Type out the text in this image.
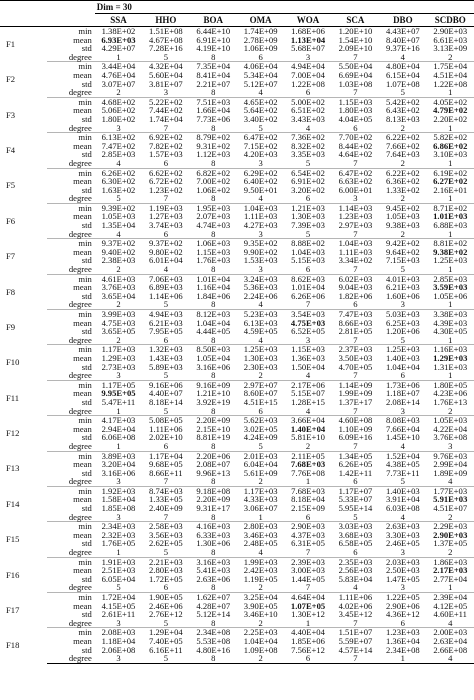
		Dim = 30							
		SSA	HHO	BOA	OMA	WOA	SCA	DBO	SCDBO
F1	min	1.38E+02	1.51E+08	6.44E+10	1.74E+09	1.68E+06	1.20E+10	4.43E+07	2.90E+03
	mean	6.93E+03	4.67E+08	6.91E+10	2.78E+09	1.13E+04	1.54E+10	8.40E+07	6.61E+03
	std	4.29E+07	7.28E+16	4.19E+10	1.06E+09	5.68E+07	2.09E+10	9.37E+16	3.13E+09
	degree	1	5	8	6	3	7	4	2
F2	min	3.44E+04	4.32E+04	7.35E+04	4.06E+04	4.94E+04	5.50E+04	4.80E+04	1.75E+04
	mean	4.76E+04	5.60E+04	8.41E+04	5.34E+04	7.00E+04	6.69E+04	6.15E+04	4.51E+04
	std	3.07E+07	3.81E+07	2.21E+07	5.12E+07	1.22E+08	1.03E+08	1.07E+08	1.22E+08
	degree	2	3	8	4	6	7	5	1
F3	min	4.68E+02	5.22E+02	7.51E+03	4.65E+02	5.00E+02	1.15E+03	5.42E+02	4.05E+02
	mean	5.06E+02	7.44E+02	1.66E+04	5.64E+02	6.51E+02	1.80E+03	6.43E+02	4.79E+02
	std	1.80E+02	1.74E+04	7.73E+06	3.40E+02	3.43E+03	4.04E+05	8.13E+03	2.20E+02
	degree	3	7	8	5	4	6	2	1
F4	min	6.13E+02	6.92E+02	8.79E+02	6.47E+02	7.36E+02	7.70E+02	6.22E+02	5.82E+02
	mean	7.47E+02	7.82E+02	9.31E+02	7.15E+02	8.32E+02	8.44E+02	7.66E+02	6.86E+02
	std	2.85E+03	1.57E+03	1.12E+03	4.20E+03	3.35E+03	4.64E+02	7.64E+03	3.10E+03
	degree	4	6	8	3	5	7	2	1
F5	min	6.26E+02	6.62E+02	6.82E+02	6.29E+02	6.54E+02	6.47E+02	6.22E+02	6.19E+02
	mean	6.30E+02	6.72E+02	7.00E+02	6.40E+02	6.91E+02	6.63E+02	6.36E+02	6.27E+02
	std	1.63E+02	1.23E+02	1.06E+02	9.50E+01	3.20E+02	6.00E+01	1.33E+02	2.16E+01
	degree	5	7	8	4	6	3	2	1
F6	min	9.39E+02	1.19E+03	1.95E+03	1.04E+03	1.21E+03	1.14E+03	9.45E+02	8.71E+02
	mean	1.05E+03	1.27E+03	2.07E+03	1.11E+03	1.30E+03	1.23E+03	1.05E+03	1.01E+03
	std	1.35E+04	3.74E+03	4.74E+03	4.27E+03	7.39E+03	2.97E+03	9.38E+03	6.88E+03
	degree	4	6	8	3	5	7	2	1
F7	min	9.37E+02	9.37E+02	1.06E+03	9.35E+02	8.88E+02	1.04E+03	9.42E+02	8.81E+02
	mean	9.40E+02	9.80E+02	1.15E+03	9.90E+02	1.04E+03	1.11E+03	9.64E+02	9.38E+02
	std	2.38E+03	6.01E+04	1.76E+03	1.53E+03	5.15E+03	3.34E+02	7.15E+03	1.25E+03
	degree	2	4	8	3	6	7	5	1
F8	min	4.61E+03	7.06E+03	1.01E+04	3.24E+03	8.62E+03	6.02E+03	4.01E+03	2.85E+03
	mean	3.76E+03	6.89E+03	1.16E+04	5.36E+03	1.01E+04	9.04E+03	6.21E+03	3.59E+03
	std	3.65E+04	1.14E+06	1.84E+06	2.24E+06	6.26E+06	1.82E+06	1.60E+06	1.05E+06
	degree	2	5	8	4	7	6	3	1
F9	min	3.99E+03	4.94E+03	8.12E+03	5.23E+03	3.54E+03	7.47E+03	5.03E+03	3.38E+03
	mean	4.75E+03	6.21E+03	1.04E+04	6.13E+03	4.75E+03	8.66E+03	6.25E+03	4.39E+03
	std	3.65E+05	7.95E+05	4.44E+05	4.59E+05	6.52E+05	2.81E+05	1.20E+06	4.30E+05
	degree	2	6	8	4	3	7	5	1
F10	min	1.17E+03	1.32E+03	8.50E+03	1.25E+03	1.15E+03	2.37E+03	1.25E+03	1.16E+03
	mean	1.29E+03	1.43E+03	1.05E+04	1.30E+03	1.36E+03	3.50E+03	1.40E+03	1.29E+03
	std	2.73E+03	5.89E+03	3.16E+06	2.30E+03	1.50E+04	4.70E+05	1.04E+04	1.31E+03
	degree	3	5	8	2	4	7	6	1
F11	min	1.17E+05	9.16E+06	9.16E+09	2.97E+07	2.17E+06	1.14E+09	1.73E+06	1.80E+05
	mean	9.95E+05	4.40E+07	1.21E+10	8.60E+07	5.15E+07	1.99E+09	1.18E+07	4.23E+06
	std	5.47E+11	8.18E+14	3.92E+19	4.51E+15	1.28E+15	1.37E+17	2.08E+14	1.76E+13
	degree	1	5	8	6	4	7	3	2
F12	min	4.17E+03	5.08E+05	2.20E+09	5.62E+03	3.66E+04	4.60E+08	8.08E+03	1.05E+03
	mean	2.94E+04	1.11E+06	2.15E+10	3.02E+05	1.40E+04	1.10E+09	7.66E+04	4.22E+04
	std	6.06E+08	2.02E+10	8.81E+19	4.24E+09	5.81E+10	6.09E+16	1.45E+10	3.76E+08
	degree	1	6	8	5	2	7	4	3
F13	min	3.89E+03	1.17E+04	2.20E+06	2.01E+03	2.11E+05	1.34E+05	1.52E+04	9.76E+03
	mean	3.20E+04	9.68E+05	2.08E+07	6.04E+04	7.68E+03	6.26E+05	4.38E+05	2.99E+04
	std	3.16E+06	8.66E+11	9.96E+13	5.61E+09	7.76E+08	1.42E+11	7.73E+11	1.89E+09
	degree	3	7	8	2	1	6	5	4
F14	min	1.92E+03	8.74E+03	9.18E+08	1.17E+03	7.68E+03	1.17E+07	1.40E+03	1.77E+03
	mean	1.58E+04	1.33E+05	2.20E+09	4.33E+03	8.18E+04	5.33E+07	3.91E+04	5.91E+03
	std	1.85E+08	2.40E+09	9.31E+17	3.06E+07	2.15E+09	5.95E+14	6.03E+08	4.51E+07
	degree	3	7	8	1	6	5	4	2
F15	min	2.34E+03	2.58E+03	4.16E+03	2.80E+03	2.90E+03	3.03E+03	2.63E+03	2.29E+03
	mean	2.32E+03	3.56E+03	6.33E+03	3.46E+03	4.37E+03	3.68E+03	3.30E+03	2.90E+03
	std	1.76E+05	2.62E+05	1.30E+06	2.48E+05	6.31E+05	6.58E+05	2.46E+05	1.37E+05
	degree	1	5	8	4	7	6	3	2
F16	min	1.91E+03	2.21E+03	3.16E+03	1.99E+03	2.39E+03	2.35E+03	2.03E+03	1.86E+03
	mean	2.51E+03	2.80E+03	5.41E+03	2.42E+03	3.00E+03	2.56E+03	2.50E+03	2.17E+03
	std	6.05E+04	1.72E+05	2.63E+06	1.19E+05	1.44E+05	5.83E+04	1.47E+05	2.77E+04
	degree	5	6	8	2	7	4	3	1
F17	min	1.72E+04	1.90E+05	1.62E+07	3.25E+04	4.64E+04	1.11E+06	1.22E+05	2.39E+04
	mean	4.15E+05	2.46E+06	4.28E+07	3.90E+05	1.07E+05	4.02E+06	2.90E+06	4.12E+05
	std	2.61E+11	2.76E+12	5.12E+14	3.46E+10	1.30E+12	3.45E+12	4.36E+12	4.60E+11
	degree	3	5	8	2	1	7	6	4
F18	min	2.08E+03	1.29E+04	2.34E+08	2.25E+03	4.40E+04	1.51E+07	1.23E+03	2.00E+03
	mean	1.18E+04	7.40E+05	5.53E+08	1.04E+04	1.85E+06	5.59E+07	1.36E+04	2.63E+04
	std	2.06E+08	6.16E+11	4.80E+16	1.09E+08	7.56E+12	4.57E+14	2.34E+08	2.66E+08
	degree	3	5	8	2	6	7	1	4
